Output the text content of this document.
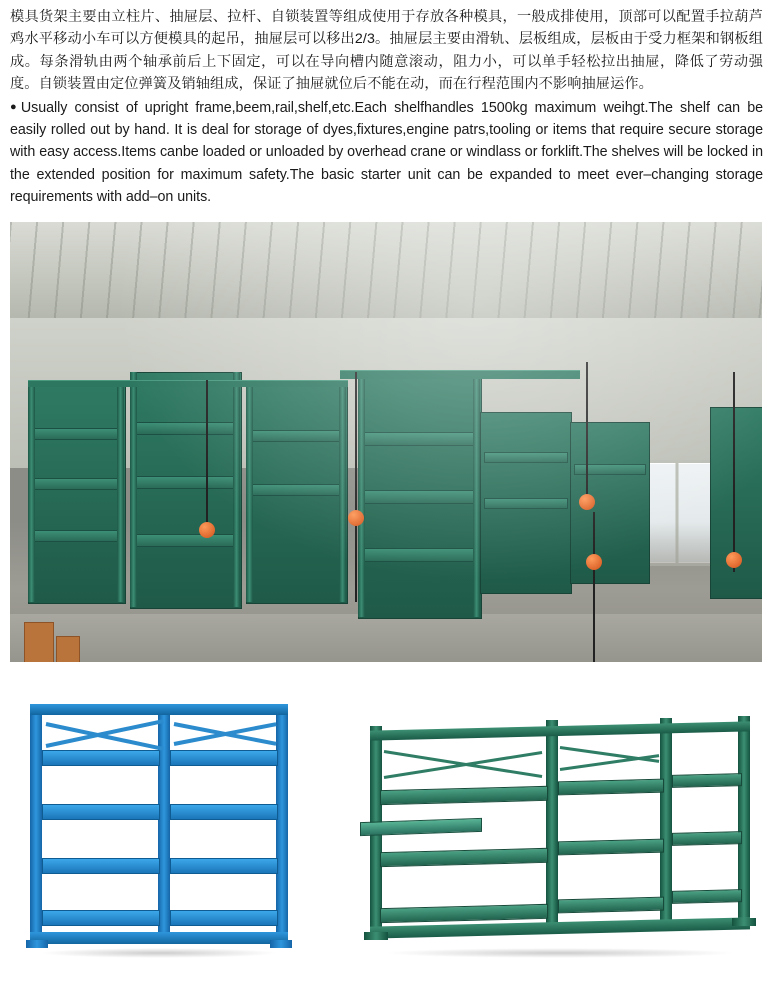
模具货架主要由立柱片、抽屉层、拉杆、自锁装置等组成使用于存放各种模具，一般成排使用，顶部可以配置手拉葫芦鸡水平移动小车可以方便模具的起吊，抽屉层可以移出2/3。抽屉层主要由滑轨、层板组成，层板由于受力框架和钢板组成。每条滑轨由两个轴承前后上下固定，可以在导向槽内随意滚动，阻力小，可以单手轻松拉出抽屉，降低了劳动强度。自锁装置由定位弹簧及销轴组成，保证了抽屉就位后不能在动，而在行程范围内不影响抽屉运作。

●Usually consist of upright frame,beem,rail,shelf,etc.Each shelfhandles 1500kg maximum weihgt.The shelf can be easily rolled out by hand. It is deal for storage of dyes,fixtures,engine patrs,tooling or items that require secure storage with easy access.Items canbe loaded or unloaded by overhead crane or windlass or forklift.The shelves will be locked in the extended position for maximum safety.The basic starter unit can be expanded to meet ever–changing storage requirements with add–on units.
